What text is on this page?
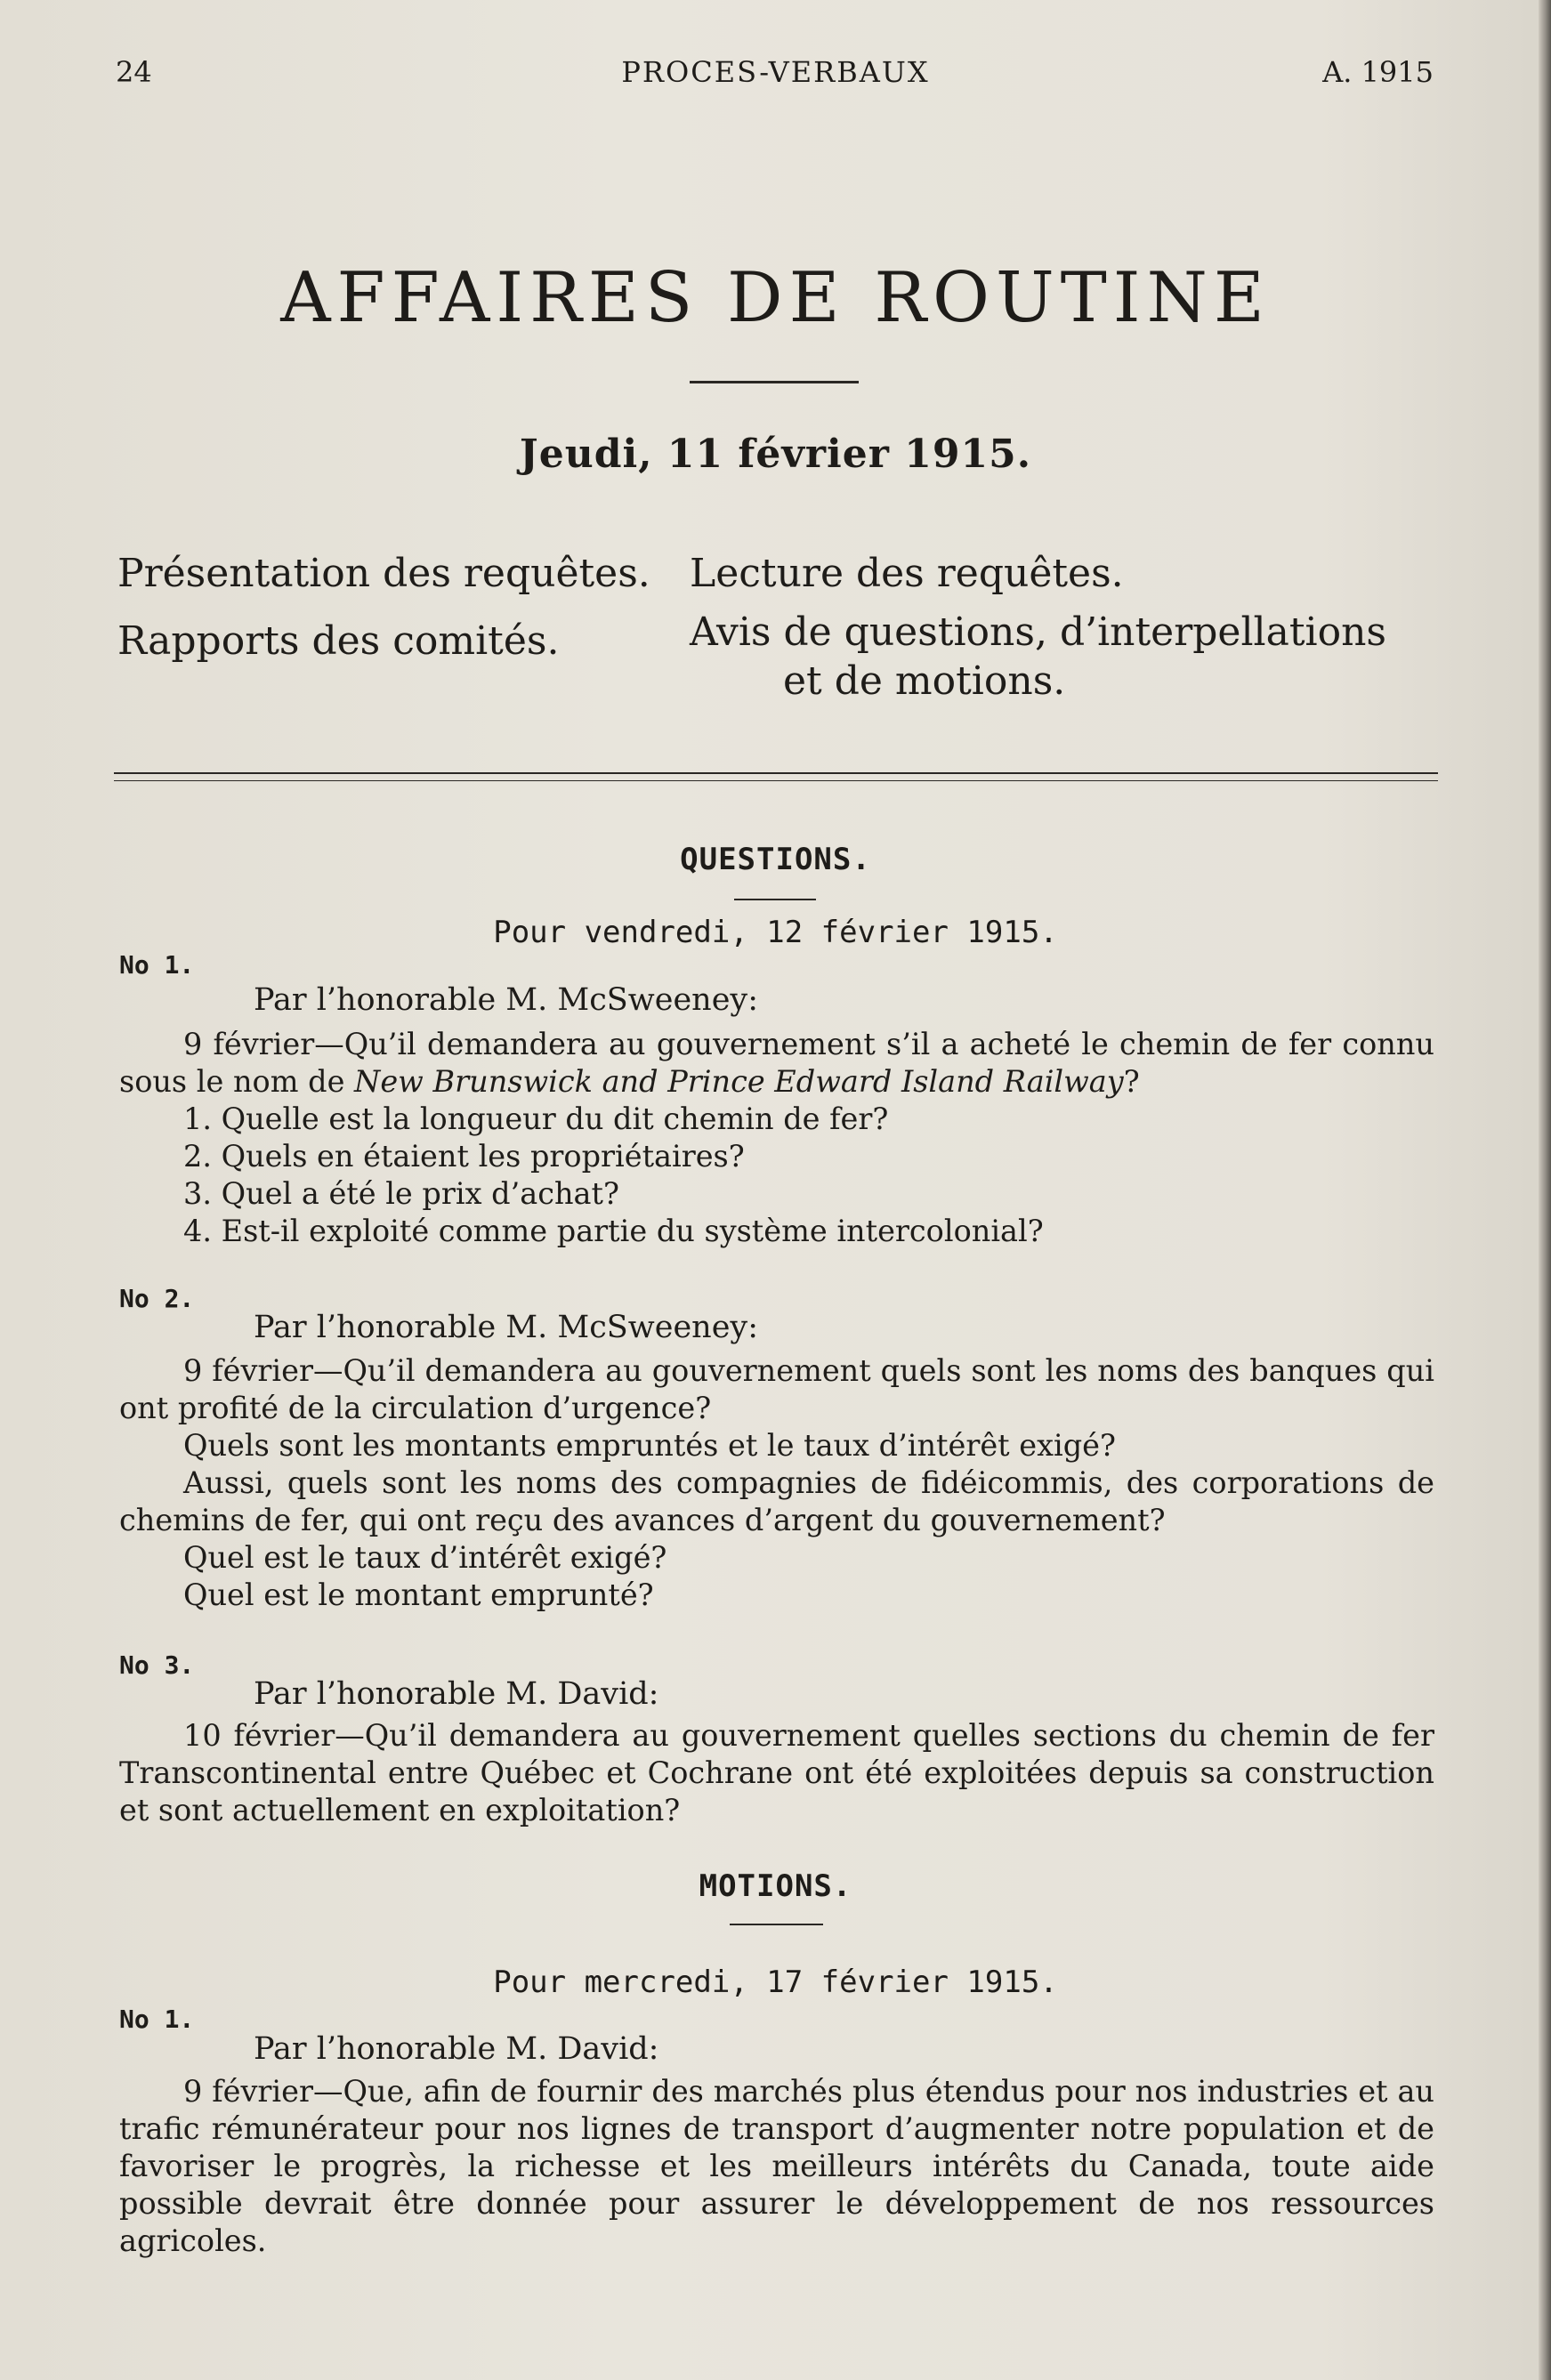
24	PROCES-VERBAUX	A. 1915
AFFAIRES DE ROUTINE
Jeudi, 11 février 1915.
Présentation des requêtes.
Rapports des comités.
Lecture des requêtes.
Avis de questions, d’interpellations
et de motions.
QUESTIONS.
Pour vendredi, 12 février 1915.
No 1.
Par l’honorable M. McSweeney:
9 février—Qu’il demandera au gouvernement s’il a acheté le chemin de fer connu sous le nom de New Brunswick and Prince Edward Island Railway?
1. Quelle est la longueur du dit chemin de fer?
2. Quels en étaient les propriétaires?
3. Quel a été le prix d’achat?
4. Est-il exploité comme partie du système intercolonial?
No 2.
Par l’honorable M. McSweeney:
9 février—Qu’il demandera au gouvernement quels sont les noms des banques qui ont profité de la circulation d’urgence?
Quels sont les montants empruntés et le taux d’intérêt exigé?
Aussi, quels sont les noms des compagnies de fidéicommis, des corporations de chemins de fer, qui ont reçu des avances d’argent du gouvernement?
Quel est le taux d’intérêt exigé?
Quel est le montant emprunté?
No 3.
Par l’honorable M. David:
10 février—Qu’il demandera au gouvernement quelles sections du chemin de fer Transcontinental entre Québec et Cochrane ont été exploitées depuis sa construction et sont actuellement en exploitation?
MOTIONS.
Pour mercredi, 17 février 1915.
No 1.
Par l’honorable M. David:
9 février—Que, afin de fournir des marchés plus étendus pour nos industries et au trafic rémunérateur pour nos lignes de transport d’augmenter notre population et de favoriser le progrès, la richesse et les meilleurs intérêts du Canada, toute aide possible devrait être donnée pour assurer le développement de nos ressources agricoles.
